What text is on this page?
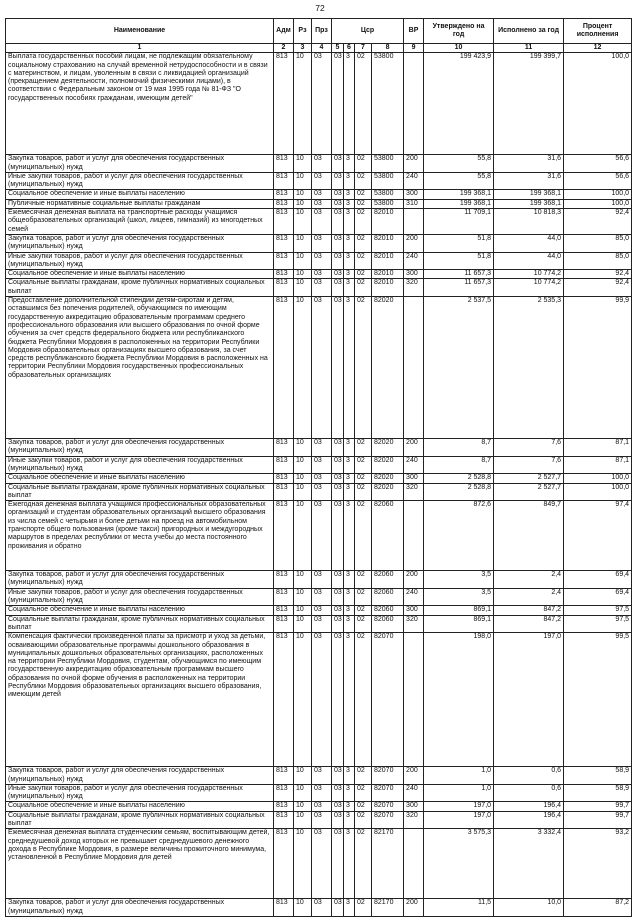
72
Наименование	Адм	Рз	Прз	Цср				ВР	Утверждено на год	Исполнено за год	Процент исполнения
1	2	3	4	5	6	7	8	9	10	11	12
Выплата государственных пособий лицам, не подлежащим обязательному социальному страхованию на случай временной нетрудоспособности и в связи с материнством, и лицам, уволенным в связи с ликвидацией организаций (прекращением деятельности, полномочий физическими лицами), в соответствии с Федеральным законом от 19 мая 1995 года № 81-ФЗ "О государственных пособиях гражданам, имеющим детей"	813	10	03	03	3	02	53800		199 423,9	199 399,7	100,0
Закупка товаров, работ и услуг для обеспечения государственных (муниципальных) нужд	813	10	03	03	3	02	53800	200	55,8	31,6	56,6
Иные закупки товаров, работ и услуг для обеспечения государственных (муниципальных) нужд	813	10	03	03	3	02	53800	240	55,8	31,6	56,6
Социальное обеспечение и иные выплаты населению	813	10	03	03	3	02	53800	300	199 368,1	199 368,1	100,0
Публичные нормативные социальные выплаты гражданам	813	10	03	03	3	02	53800	310	199 368,1	199 368,1	100,0
Ежемесячная денежная выплата на транспортные расходы учащимся общеобразовательных организаций (школ, лицеев, гимназий) из многодетных семей	813	10	03	03	3	02	82010		11 709,1	10 818,3	92,4
Закупка товаров, работ и услуг для обеспечения государственных (муниципальных) нужд	813	10	03	03	3	02	82010	200	51,8	44,0	85,0
Иные закупки товаров, работ и услуг для обеспечения государственных (муниципальных) нужд	813	10	03	03	3	02	82010	240	51,8	44,0	85,0
Социальное обеспечение и иные выплаты населению	813	10	03	03	3	02	82010	300	11 657,3	10 774,2	92,4
Социальные выплаты гражданам, кроме публичных нормативных социальных выплат	813	10	03	03	3	02	82010	320	11 657,3	10 774,2	92,4
Предоставление дополнительной стипендии детям-сиротам и детям, оставшимся без попечения родителей, обучающимся по имеющим государственную аккредитацию образовательным программам среднего профессионального образования или высшего образования по очной форме обучения за счет средств федерального бюджета или республиканского бюджета Республики Мордовия в расположенных на территории Республики Мордовия образовательных организациях высшего образования, за счет средств республиканского бюджета Республики Мордовия в расположенных на территории Республики Мордовия государственных профессиональных образовательных организациях	813	10	03	03	3	02	82020		2 537,5	2 535,3	99,9
Закупка товаров, работ и услуг для обеспечения государственных (муниципальных) нужд	813	10	03	03	3	02	82020	200	8,7	7,6	87,1
Иные закупки товаров, работ и услуг для обеспечения государственных (муниципальных) нужд	813	10	03	03	3	02	82020	240	8,7	7,6	87,1
Социальное обеспечение и иные выплаты населению	813	10	03	03	3	02	82020	300	2 528,8	2 527,7	100,0
Социальные выплаты гражданам, кроме публичных нормативных социальных выплат	813	10	03	03	3	02	82020	320	2 528,8	2 527,7	100,0
Ежегодная денежная выплата учащимся профессиональных образовательных организаций и студентам образовательных организаций высшего образования из числа семей с четырьмя и более детьми на проезд на автомобильном транспорте общего пользования (кроме такси) пригородных и междугородных маршрутов в пределах республики от места учебы до места постоянного проживания и обратно	813	10	03	03	3	02	82060		872,6	849,7	97,4
Закупка товаров, работ и услуг для обеспечения государственных (муниципальных) нужд	813	10	03	03	3	02	82060	200	3,5	2,4	69,4
Иные закупки товаров, работ и услуг для обеспечения государственных (муниципальных) нужд	813	10	03	03	3	02	82060	240	3,5	2,4	69,4
Социальное обеспечение и иные выплаты населению	813	10	03	03	3	02	82060	300	869,1	847,2	97,5
Социальные выплаты гражданам, кроме публичных нормативных социальных выплат	813	10	03	03	3	02	82060	320	869,1	847,2	97,5
Компенсация фактически произведенной платы за присмотр и уход за детьми, осваивающими образовательные программы дошкольного образования в муниципальных дошкольных образовательных организациях, расположенных на территории Республики Мордовия, студентам, обучающимся по имеющим государственную аккредитацию образовательным программам высшего образования по очной форме обучения в расположенных на территории Республики Мордовия образовательных организациях высшего образования, имеющим детей	813	10	03	03	3	02	82070		198,0	197,0	99,5
Закупка товаров, работ и услуг для обеспечения государственных (муниципальных) нужд	813	10	03	03	3	02	82070	200	1,0	0,6	58,9
Иные закупки товаров, работ и услуг для обеспечения государственных (муниципальных) нужд	813	10	03	03	3	02	82070	240	1,0	0,6	58,9
Социальное обеспечение и иные выплаты населению	813	10	03	03	3	02	82070	300	197,0	196,4	99,7
Социальные выплаты гражданам, кроме публичных нормативных социальных выплат	813	10	03	03	3	02	82070	320	197,0	196,4	99,7
Ежемесячная денежная выплата студенческим семьям, воспитывающим детей, среднедушевой доход которых не превышает среднедушевого денежного дохода в Республике Мордовия, в размере величины прожиточного минимума, установленной в Республике Мордовия для детей	813	10	03	03	3	02	82170		3 575,3	3 332,4	93,2
Закупка товаров, работ и услуг для обеспечения государственных (муниципальных) нужд	813	10	03	03	3	02	82170	200	11,5	10,0	87,2
